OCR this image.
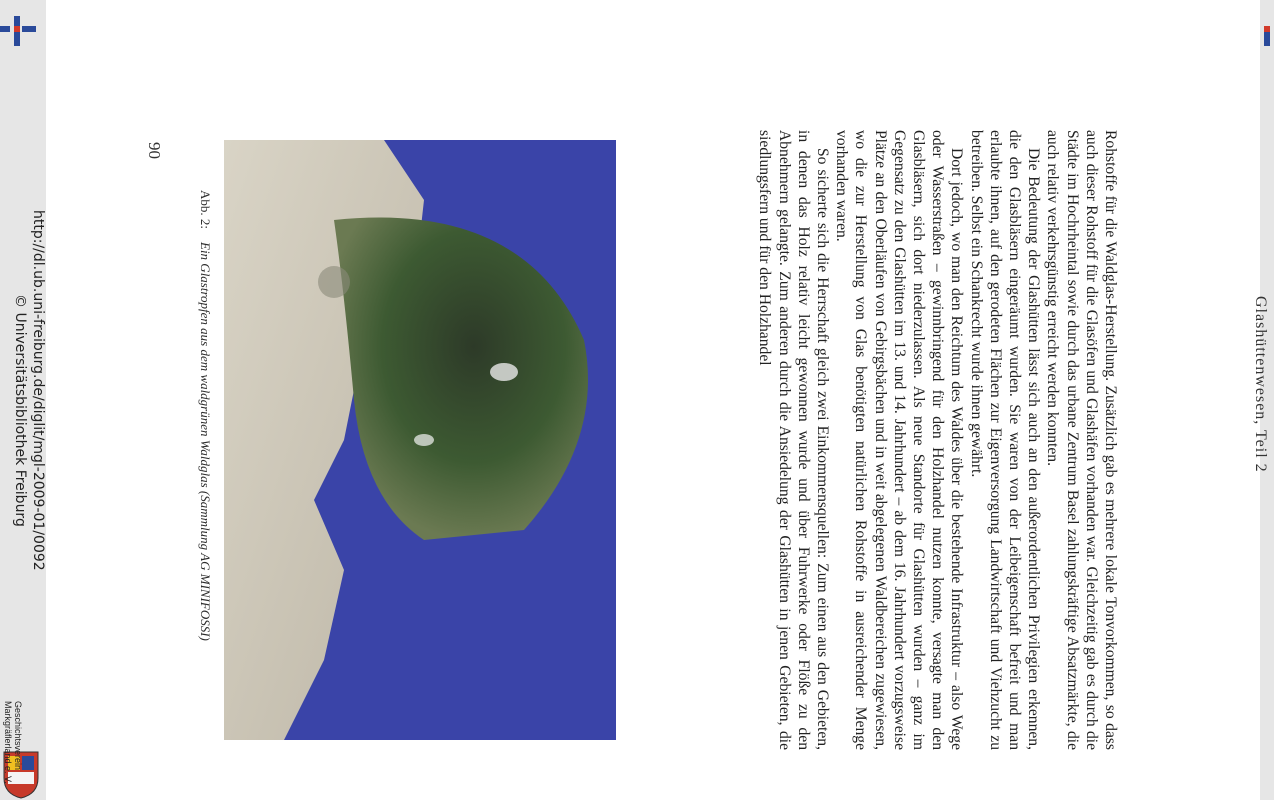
Glashüttenwesen, Teil 2

Rohstoffe für die Waldglas-Herstellung. Zusätzlich gab es mehrere lokale Tonvorkommen, so dass auch dieser Rohstoff für die Glasöfen und Glashäfen vorhanden war. Gleichzeitig gab es durch die Städte im Hochrheintal sowie durch das urbane Zentrum Basel zahlungskräftige Absatzmärkte, die auch relativ verkehrsgünstig erreicht werden konnten.

Die Bedeutung der Glashütten lässt sich auch an den außerordentlichen Privilegien erkennen, die den Glasbläsern eingeräumt wurden. Sie waren von der Leibeigenschaft befreit und man erlaubte ihnen, auf den gerodeten Flächen zur Eigenversorgung Landwirtschaft und Viehzucht zu betreiben. Selbst ein Schankrecht wurde ihnen gewährt.

Dort jedoch, wo man den Reichtum des Waldes über die bestehende Infrastruktur – also Wege oder Wasserstraßen – gewinnbringend für den Holzhandel nutzen konnte, versagte man den Glasbläsern, sich dort niederzulassen. Als neue Standorte für Glashütten wurden – ganz im Gegensatz zu den Glashütten im 13. und 14. Jahrhundert – ab dem 16. Jahrhundert vorzugsweise Plätze an den Oberläufen von Gebirgsbächen und in weit abgelegenen Waldbereichen zugewiesen, wo die zur Herstellung von Glas benötigten natürlichen Rohstoffe in ausreichender Menge vorhanden waren.

So sicherte sich die Herrschaft gleich zwei Einkommensquellen: Zum einen aus den Gebieten, in denen das Holz relativ leicht gewonnen wurde und über Fuhrwerke oder Flöße zu den Abnehmern gelangte. Zum anderen durch die Ansiedelung der Glashütten in jenen Gebieten, die siedlungsfern und für den Holzhandel

Abb. 2:    Ein Glastropfen aus dem waldgrünen Waldglas (Sammlung AG MINIFOSSI)
90
http://dl.ub.uni-freiburg.de/diglit/mgl-2009-01/0092
© Universitätsbibliothek Freiburg
Geschichtsverein
Markgräflerland e. V.
